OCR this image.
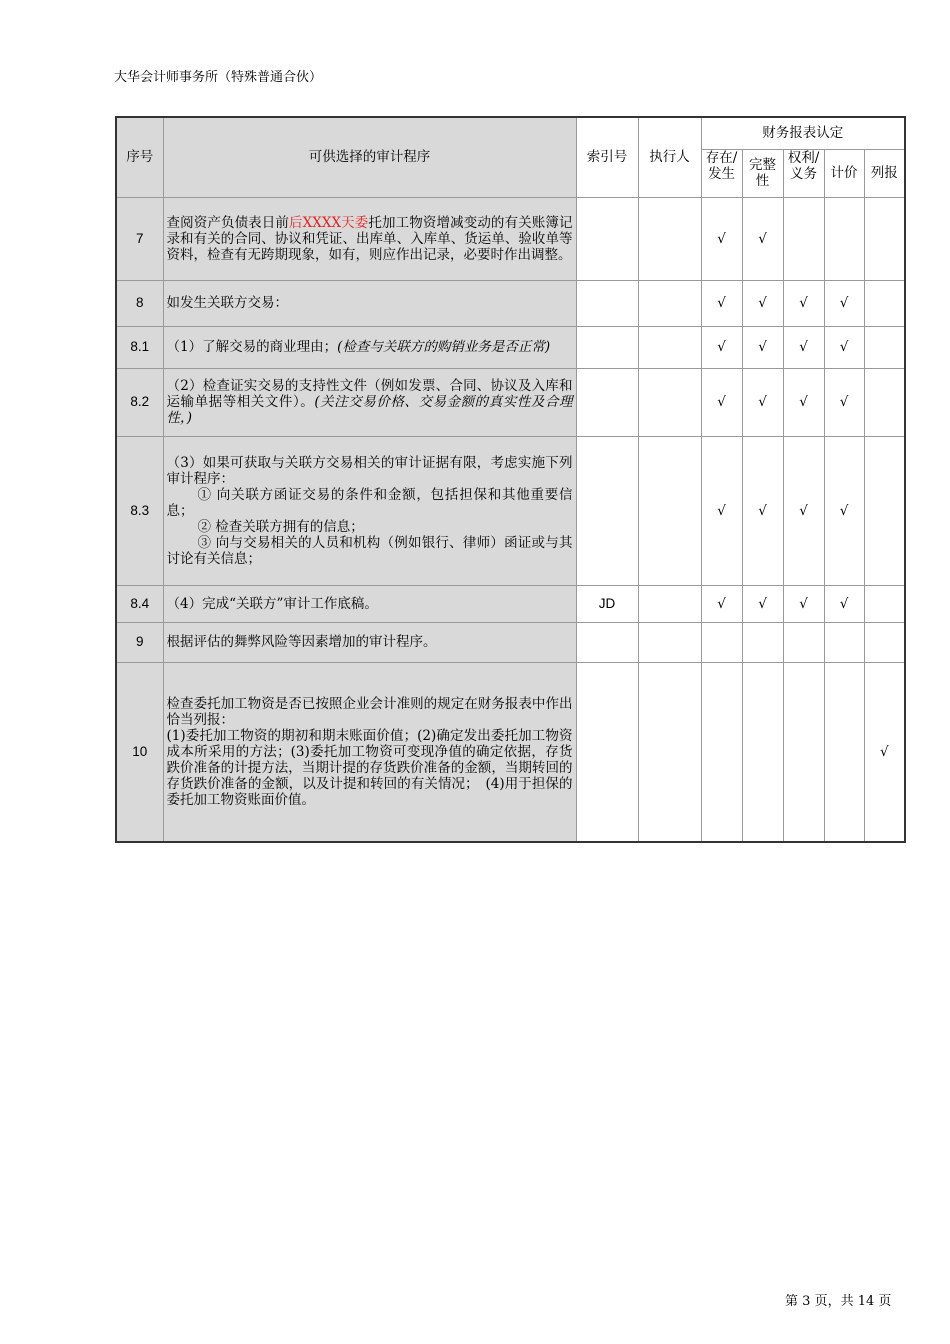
大华会计师事务所（特殊普通合伙）
序号	可供选择的审计程序	索引号	执行人	财务报表认定				

				存在/发生	完整性	权利/义务	计价	列报
7	查阅资产负债表日前后XXXX天委托加工物资增减变动的有关账簿记录和有关的合同、协议和凭证、出库单、入库单、货运单、验收单等资料，检查有无跨期现象，如有，则应作出记录，必要时作出调整。			√	√			
8	如发生关联方交易：			√	√	√	√	
8.1	（1）了解交易的商业理由；(检查与关联方的购销业务是否正常)			√	√	√	√	
8.2	（2）检查证实交易的支持性文件（例如发票、合同、协议及入库和运输单据等相关文件）。(关注交易价格、交易金额的真实性及合理性，)			√	√	√	√	
8.3	（3）如果可获取与关联方交易相关的审计证据有限，考虑实施下列审计程序：
① 向关联方函证交易的条件和金额，包括担保和其他重要信息；
② 检查关联方拥有的信息；
③ 向与交易相关的人员和机构（例如银行、律师）函证或与其讨论有关信息；			√	√	√	√	
8.4	（4）完成“关联方”审计工作底稿。	JD		√	√	√	√	
9	根据评估的舞弊风险等因素增加的审计程序。							
10	检查委托加工物资是否已按照企业会计准则的规定在财务报表中作出恰当列报：
(1)委托加工物资的期初和期末账面价值；(2)确定发出委托加工物资成本所采用的方法；(3)委托加工物资可变现净值的确定依据，存货跌价准备的计提方法，当期计提的存货跌价准备的金额，当期转回的存货跌价准备的金额，以及计提和转回的有关情况；　(4)用于担保的委托加工物资账面价值。							√
第 3 页，共 14 页
